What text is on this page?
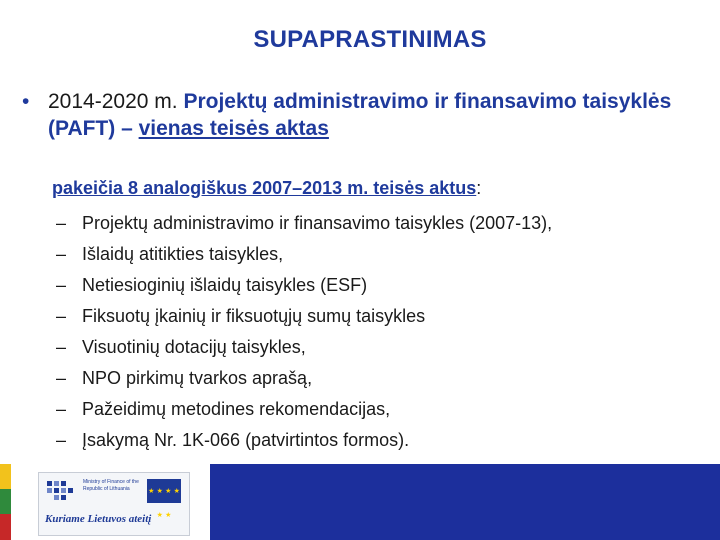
SUPAPRASTINIMAS
• 2014-2020 m. Projektų administravimo ir finansavimo taisyklės (PAFT) – vienas teisės aktas
pakeičia 8 analogiškus 2007–2013 m. teisės aktus:
– Projektų administravimo ir finansavimo taisykles (2007-13),
– Išlaidų atitikties taisykles,
– Netiesioginių išlaidų taisykles (ESF)
– Fiksuotų įkainių ir fiksuotųjų sumų taisykles
– Visuotinių dotacijų taisykles,
– NPO pirkimų tvarkos aprašą,
– Pažeidimų metodines rekomendacijas,
– Įsakymą Nr. 1K-066 (patvirtintos formos).
Ministry of Finance of the Republic of Lithuania	★ ★ ★ ★ ★ ★
Kuriame Lietuvos ateitį
